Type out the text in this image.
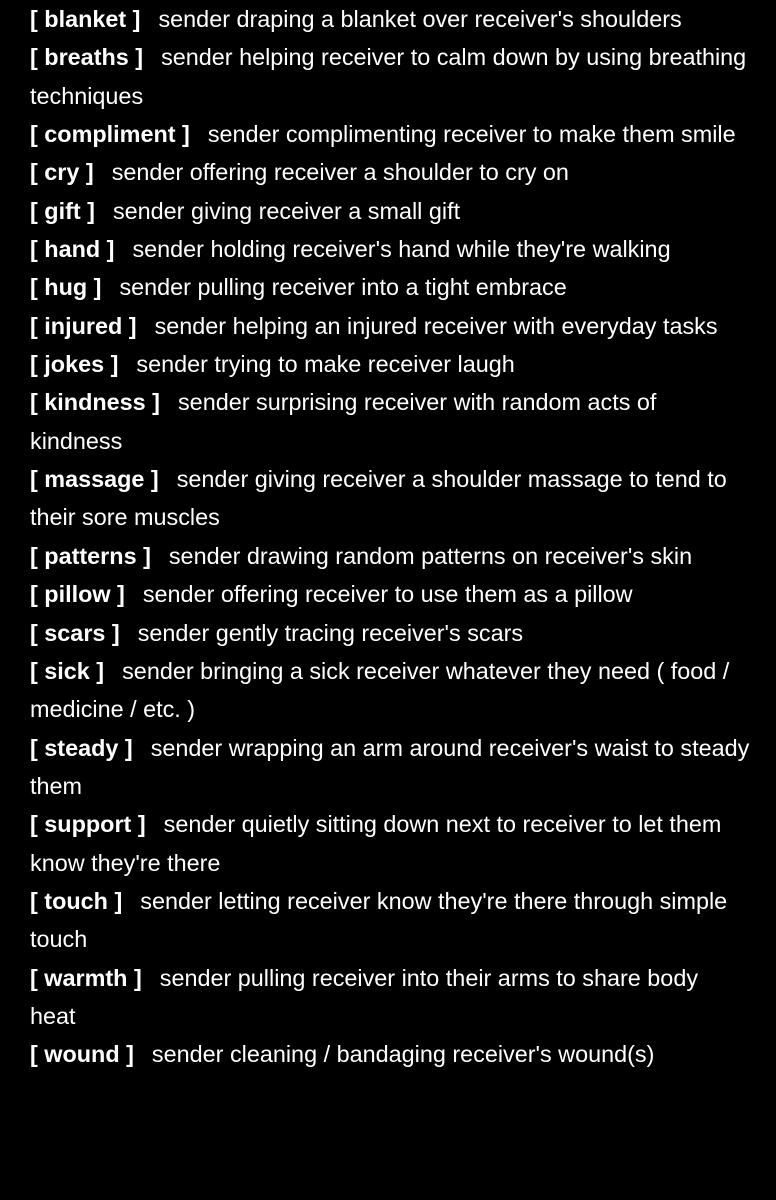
[ blanket ] sender draping a blanket over receiver's shoulders

[ breaths ] sender helping receiver to calm down by using breathing techniques

[ compliment ] sender complimenting receiver to make them smile

[ cry ] sender offering receiver a shoulder to cry on

[ gift ] sender giving receiver a small gift

[ hand ] sender holding receiver's hand while they're walking

[ hug ] sender pulling receiver into a tight embrace

[ injured ] sender helping an injured receiver with everyday tasks

[ jokes ] sender trying to make receiver laugh

[ kindness ] sender surprising receiver with random acts of kindness

[ massage ] sender giving receiver a shoulder massage to tend to their sore muscles

[ patterns ] sender drawing random patterns on receiver's skin

[ pillow ] sender offering receiver to use them as a pillow

[ scars ] sender gently tracing receiver's scars

[ sick ] sender bringing a sick receiver whatever they need ( food / medicine / etc. )

[ steady ] sender wrapping an arm around receiver's waist to steady them

[ support ] sender quietly sitting down next to receiver to let them know they're there

[ touch ] sender letting receiver know they're there through simple touch

[ warmth ] sender pulling receiver into their arms to share body heat

[ wound ] sender cleaning / bandaging receiver's wound(s)
